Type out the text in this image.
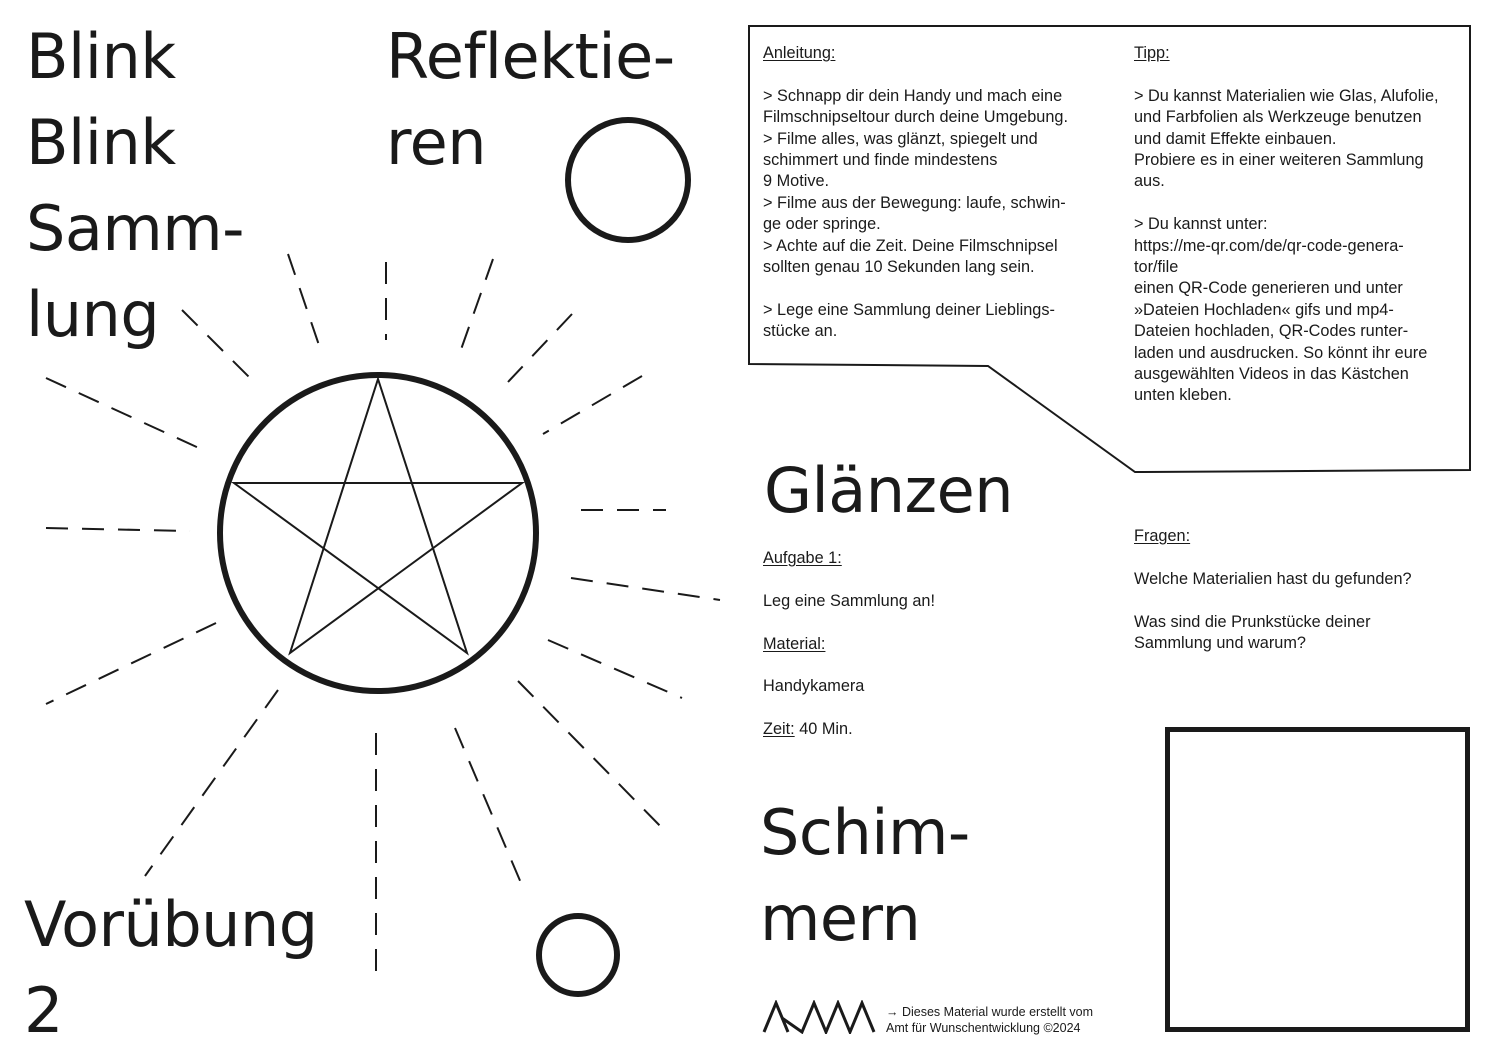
Blink
Blink
Samm-
lung
Reflektie-
ren
Glänzen
Schim-
mern
Vorübung
2

Anleitung:

> Schnapp dir dein Handy und mach eine

Filmschnipseltour durch deine Umgebung.

> Filme alles, was glänzt, spiegelt und

schimmert und finde mindestens

9 Motive.

> Filme aus der Bewegung: laufe, schwin-

ge oder springe.

> Achte auf die Zeit. Deine Filmschnipsel

sollten genau 10 Sekunden lang sein.

> Lege eine Sammlung deiner Lieblings-

stücke an.

Tipp:

> Du kannst Materialien wie Glas, Alufolie,

und Farbfolien als Werkzeuge benutzen

und damit Effekte einbauen.

Probiere es in einer weiteren Sammlung

aus.

> Du kannst unter:

https://me-qr.com/de/qr-code-genera-

tor/file

einen QR-Code generieren und unter

»Dateien Hochladen« gifs und mp4-

Dateien hochladen, QR-Codes runter-

laden und ausdrucken. So könnt ihr eure

ausgewählten Videos in das Kästchen

unten kleben.

Aufgabe 1:

Leg eine Sammlung an!

Material:

Handykamera

Zeit: 40 Min.

Fragen:

Welche Materialien hast du gefunden?

Was sind die Prunkstücke deiner

Sammlung und warum?

→ Dieses Material wurde erstellt vom

Amt für Wunschentwicklung ©2024
